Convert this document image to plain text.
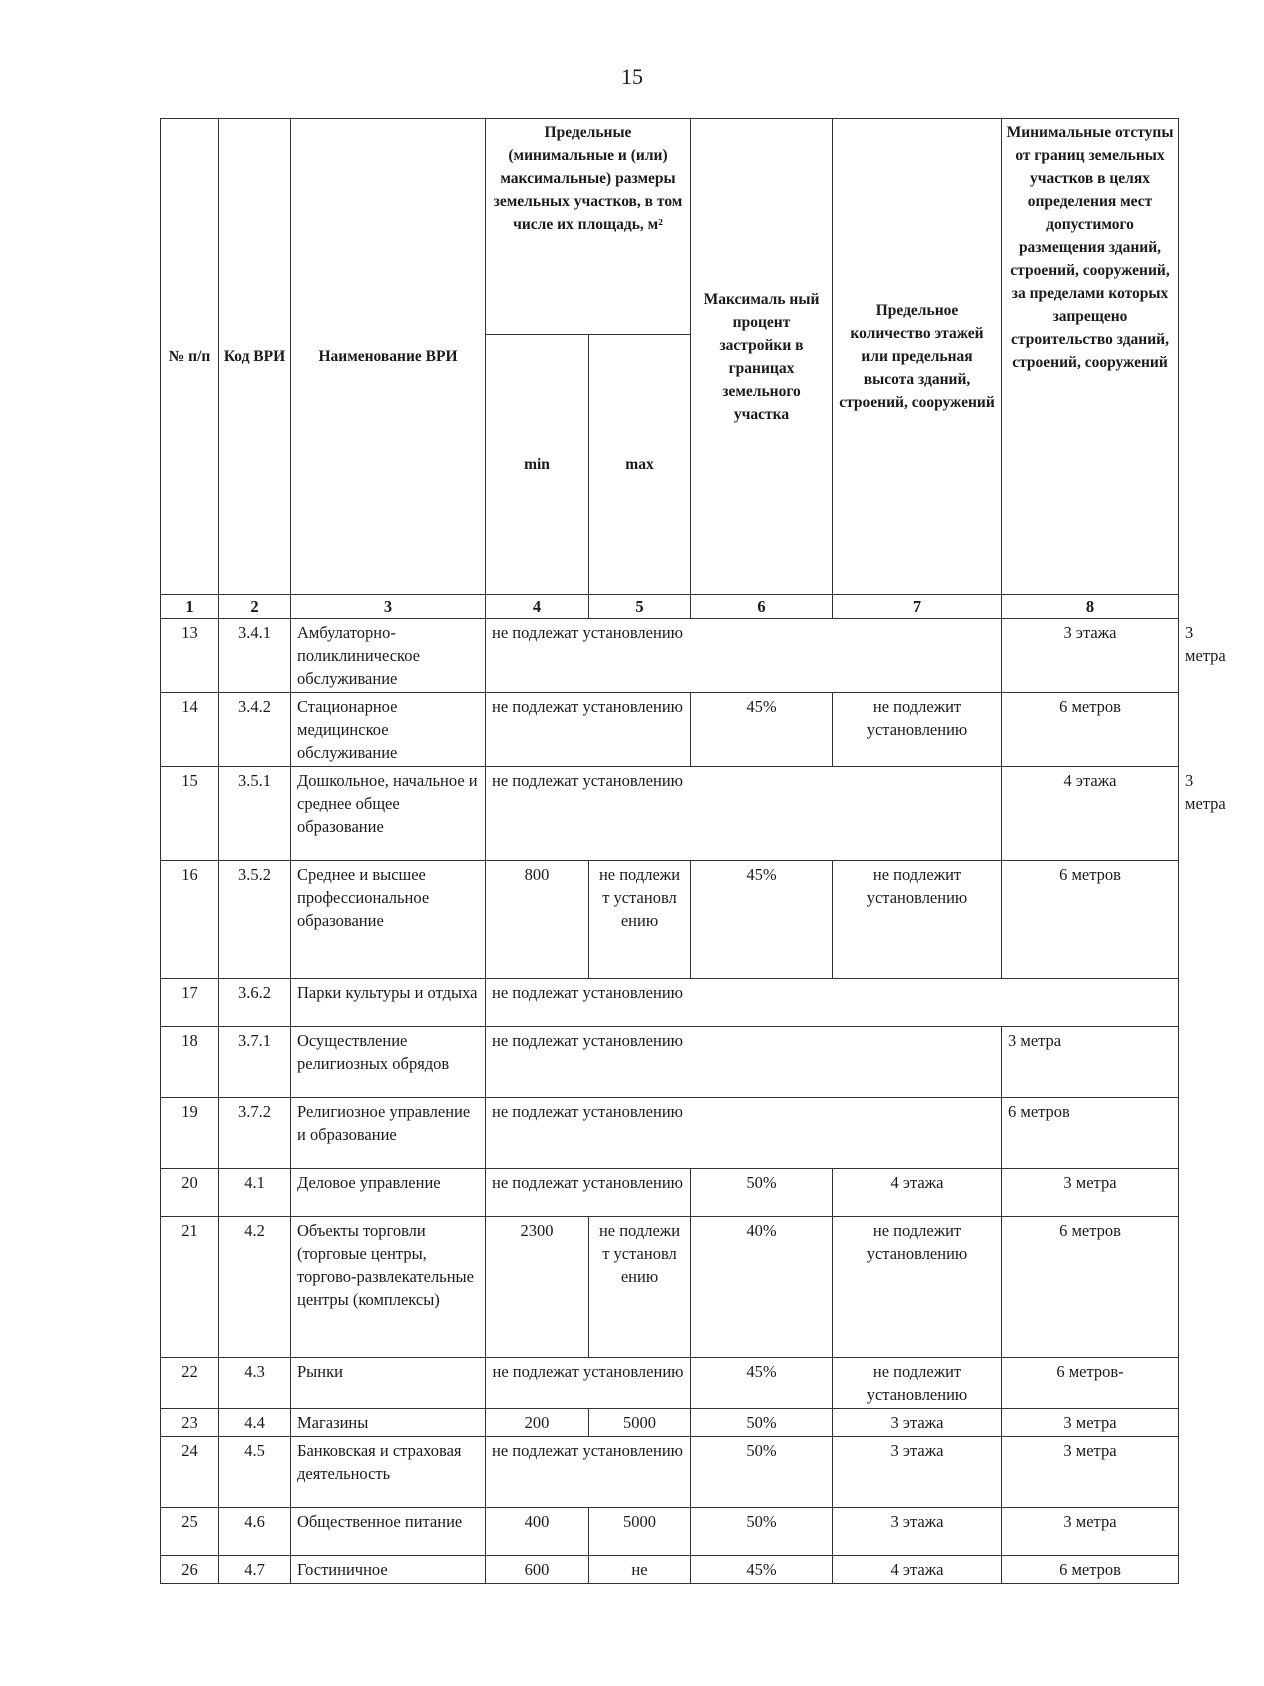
15
№ п/п	Код ВРИ	Наименование ВРИ	Предельные (минимальные и (или) максимальные) размеры земельных участков, в том числе их площадь, м²		Максималь ный процент застройки в границах земельного участка	Предельное количество этажей или предельная высота зданий, строений, сооружений	Минимальные отступы от границ земельных участков в целях определения мест допустимого размещения зданий, строений, сооружений, за пределами которых запрещено строительство зданий, строений, сооружений	
			min	max				
1	2	3	4	5	6	7	8	
13	3.4.1	Амбулаторно-поликлиническое обслуживание	не подлежат установлению				3 этажа	3 метра
14	3.4.2	Стационарное медицинское обслуживание	не подлежат установлению		45%	не подлежит установлению	6 метров	
15	3.5.1	Дошкольное, начальное и среднее общее образование	не подлежат установлению				4 этажа	3 метра
16	3.5.2	Среднее и высшее профессиональное образование	800	не подлежи т установл ению	45%	не подлежит установлению	6 метров	
17	3.6.2	Парки культуры и отдыха	не подлежат установлению					
18	3.7.1	Осуществление религиозных обрядов	не подлежат установлению				3 метра	
19	3.7.2	Религиозное управление и образование	не подлежат установлению				6 метров	
20	4.1	Деловое управление	не подлежат установлению		50%	4 этажа	3 метра	
21	4.2	Объекты торговли (торговые центры, торгово-развлекательные центры (комплексы)	2300	не подлежи т установл ению	40%	не подлежит установлению	6 метров	
22	4.3	Рынки	не подлежат установлению		45%	не подлежит установлению	6 метров-	
23	4.4	Магазины	200	5000	50%	3 этажа	3 метра	
24	4.5	Банковская и страховая деятельность	не подлежат установлению		50%	3 этажа	3 метра	
25	4.6	Общественное питание	400	5000	50%	3 этажа	3 метра	
26	4.7	Гостиничное	600	не	45%	4 этажа	6 метров	
